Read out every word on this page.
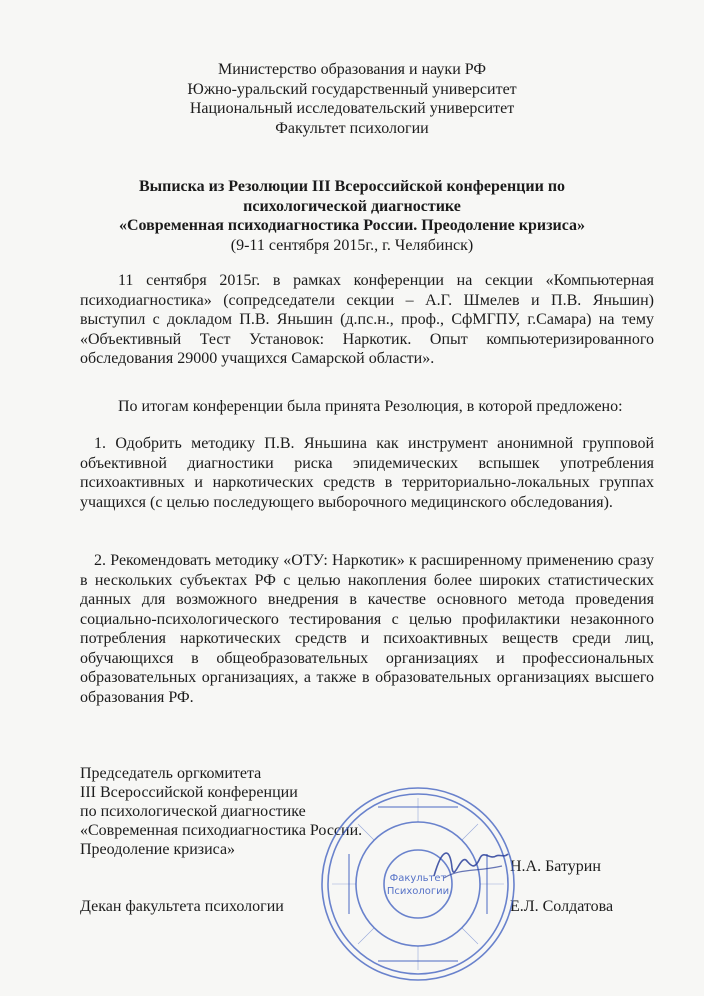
Министерство образования и науки РФ
Южно-уральский государственный университет
Национальный исследовательский университет
Факультет психологии
Выписка из Резолюции III Всероссийской конференции по
психологической диагностике
«Современная психодиагностика России. Преодоление кризиса»
(9-11 сентября 2015г., г. Челябинск)
11 сентября 2015г. в рамках конференции на секции «Компьютерная психодиагностика» (сопредседатели секции – А.Г. Шмелев и П.В. Яньшин) выступил с докладом П.В. Яньшин (д.пс.н., проф., СфМГПУ, г.Самара) на тему «Объективный Тест Установок: Наркотик. Опыт компьютеризированного обследования 29000 учащихся Самарской области».
По итогам конференции была принята Резолюция, в которой предложено:
1. Одобрить методику П.В. Яньшина как инструмент анонимной групповой объективной диагностики риска эпидемических вспышек употребления психоактивных и наркотических средств в территориально-локальных группах учащихся (с целью последующего выборочного медицинского обследования).
2. Рекомендовать методику «ОТУ: Наркотик» к расширенному применению сразу в нескольких субъектах РФ с целью накопления более широких статистических данных для возможного внедрения в качестве основного метода проведения социально-психологического тестирования с целью профилактики незаконного потребления наркотических средств и психоактивных веществ среди лиц, обучающихся в общеобразовательных организациях и профессиональных образовательных организациях, а также в образовательных организациях высшего образования РФ.
Председатель оргкомитета
III Всероссийской конференции
по психологической диагностике
«Современная психодиагностика России.
Преодоление кризиса»
Н.А. Батурин
Декан факультета психологии	Е.Л. Солдатова
Факультет
Психологии
